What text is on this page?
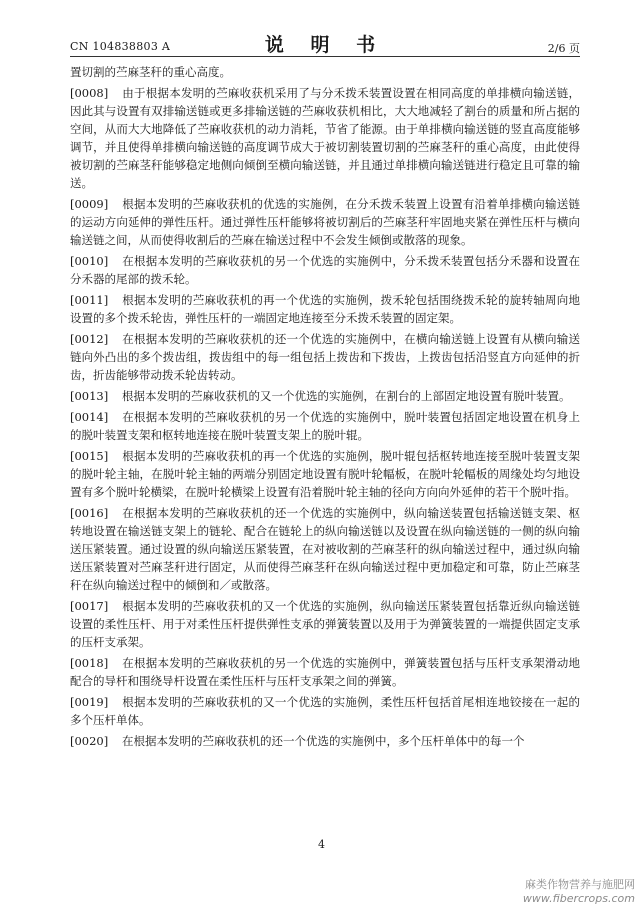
CN 104838803 A	说 明 书	2/6 页

置切割的苎麻茎秆的重心高度。

[0008] 由于根据本发明的苎麻收获机采用了与分禾拨禾装置设置在相同高度的单排横向输送链，因此其与设置有双排输送链或更多排输送链的苎麻收获机相比，大大地减轻了割台的质量和所占据的空间，从而大大地降低了苎麻收获机的动力消耗，节省了能源。由于单排横向输送链的竖直高度能够调节，并且使得单排横向输送链的高度调节成大于被切割装置切割的苎麻茎秆的重心高度，由此使得被切割的苎麻茎秆能够稳定地侧向倾倒至横向输送链，并且通过单排横向输送链进行稳定且可靠的输送。

[0009] 根据本发明的苎麻收获机的优选的实施例，在分禾拨禾装置上设置有沿着单排横向输送链的运动方向延伸的弹性压杆。通过弹性压杆能够将被切割后的苎麻茎秆牢固地夹紧在弹性压杆与横向输送链之间，从而使得收割后的苎麻在输送过程中不会发生倾倒或散落的现象。

[0010] 在根据本发明的苎麻收获机的另一个优选的实施例中，分禾拨禾装置包括分禾器和设置在分禾器的尾部的拨禾轮。

[0011] 根据本发明的苎麻收获机的再一个优选的实施例，拨禾轮包括围绕拨禾轮的旋转轴周向地设置的多个拨禾轮齿，弹性压杆的一端固定地连接至分禾拨禾装置的固定架。

[0012] 在根据本发明的苎麻收获机的还一个优选的实施例中，在横向输送链上设置有从横向输送链向外凸出的多个拨齿组，拨齿组中的每一组包括上拨齿和下拨齿，上拨齿包括沿竖直方向延伸的折齿，折齿能够带动拨禾轮齿转动。

[0013] 根据本发明的苎麻收获机的又一个优选的实施例，在割台的上部固定地设置有脱叶装置。

[0014] 在根据本发明的苎麻收获机的另一个优选的实施例中，脱叶装置包括固定地设置在机身上的脱叶装置支架和枢转地连接在脱叶装置支架上的脱叶辊。

[0015] 根据本发明的苎麻收获机的再一个优选的实施例，脱叶辊包括枢转地连接至脱叶装置支架的脱叶轮主轴，在脱叶轮主轴的两端分别固定地设置有脱叶轮幅板，在脱叶轮幅板的周缘处均匀地设置有多个脱叶轮横梁，在脱叶轮横梁上设置有沿着脱叶轮主轴的径向方向向外延伸的若干个脱叶指。

[0016] 在根据本发明的苎麻收获机的还一个优选的实施例中，纵向输送装置包括输送链支架、枢转地设置在输送链支架上的链轮、配合在链轮上的纵向输送链以及设置在纵向输送链的一侧的纵向输送压紧装置。通过设置的纵向输送压紧装置，在对被收割的苎麻茎秆的纵向输送过程中，通过纵向输送压紧装置对苎麻茎秆进行固定，从而使得苎麻茎秆在纵向输送过程中更加稳定和可靠，防止苎麻茎秆在纵向输送过程中的倾倒和／或散落。

[0017] 根据本发明的苎麻收获机的又一个优选的实施例，纵向输送压紧装置包括靠近纵向输送链设置的柔性压杆、用于对柔性压杆提供弹性支承的弹簧装置以及用于为弹簧装置的一端提供固定支承的压杆支承架。

[0018] 在根据本发明的苎麻收获机的另一个优选的实施例中，弹簧装置包括与压杆支承架滑动地配合的导杆和围绕导杆设置在柔性压杆与压杆支承架之间的弹簧。

[0019] 根据本发明的苎麻收获机的又一个优选的实施例，柔性压杆包括首尾相连地铰接在一起的多个压杆单体。

[0020] 在根据本发明的苎麻收获机的还一个优选的实施例中，多个压杆单体中的每一个

4
麻类作物营养与施肥网
www.fibercrops.com
